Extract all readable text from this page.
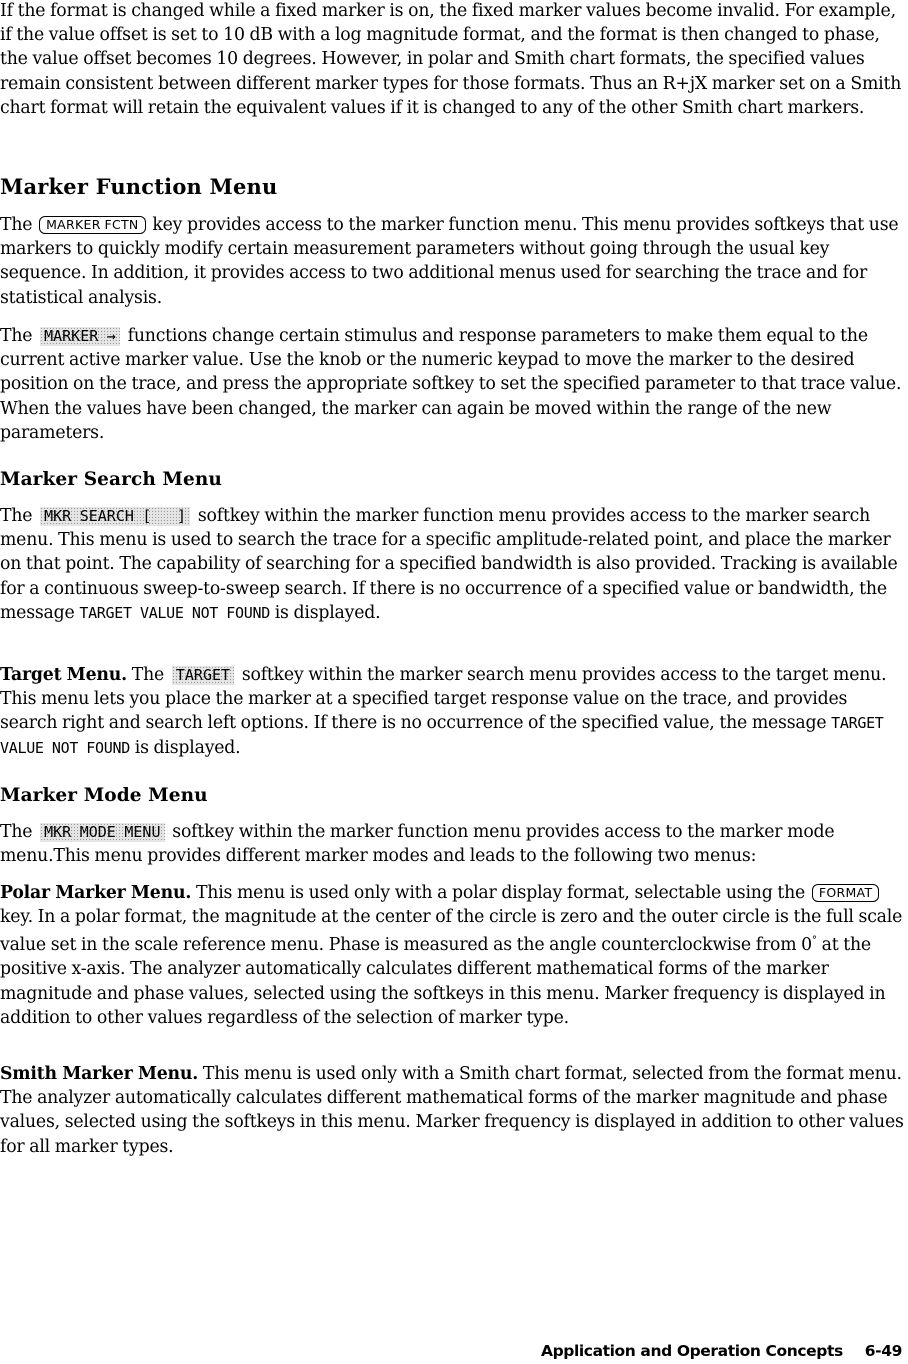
If the format is changed while a fixed marker is on, the fixed marker values become invalid. For example, if the value offset is set to 10 dB with a log magnitude format, and the format is then changed to phase, the value offset becomes 10 degrees. However, in polar and Smith chart formats, the specified values remain consistent between different marker types for those formats. Thus an R+jX marker set on a Smith chart format will retain the equivalent values if it is changed to any of the other Smith chart markers.

Marker Function Menu

The MARKER FCTN key provides access to the marker function menu. This menu provides softkeys that use markers to quickly modify certain measurement parameters without going through the usual key sequence. In addition, it provides access to two additional menus used for searching the trace and for statistical analysis.

The MARKER → functions change certain stimulus and response parameters to make them equal to the current active marker value. Use the knob or the numeric keypad to move the marker to the desired position on the trace, and press the appropriate softkey to set the specified parameter to that trace value. When the values have been changed, the marker can again be moved within the range of the new parameters.

Marker Search Menu

The MKR SEARCH [   ] softkey within the marker function menu provides access to the marker search menu. This menu is used to search the trace for a specific amplitude-related point, and place the marker on that point. The capability of searching for a specified bandwidth is also provided. Tracking is available for a continuous sweep-to-sweep search. If there is no occurrence of a specified value or bandwidth, the message TARGET VALUE NOT FOUND is displayed.

Target Menu. The TARGET softkey within the marker search menu provides access to the target menu. This menu lets you place the marker at a specified target response value on the trace, and provides search right and search left options. If there is no occurrence of the specified value, the message TARGET VALUE NOT FOUND is displayed.

Marker Mode Menu

The MKR MODE MENU softkey within the marker function menu provides access to the marker mode menu.This menu provides different marker modes and leads to the following two menus:

Polar Marker Menu. This menu is used only with a polar display format, selectable using the FORMAT key. In a polar format, the magnitude at the center of the circle is zero and the outer circle is the full scale value set in the scale reference menu. Phase is measured as the angle counterclockwise from 0° at the positive x-axis. The analyzer automatically calculates different mathematical forms of the marker magnitude and phase values, selected using the softkeys in this menu. Marker frequency is displayed in addition to other values regardless of the selection of marker type.

Smith Marker Menu. This menu is used only with a Smith chart format, selected from the format menu. The analyzer automatically calculates different mathematical forms of the marker magnitude and phase values, selected using the softkeys in this menu. Marker frequency is displayed in addition to other values for all marker types.

Application and Operation Concepts 6-49
